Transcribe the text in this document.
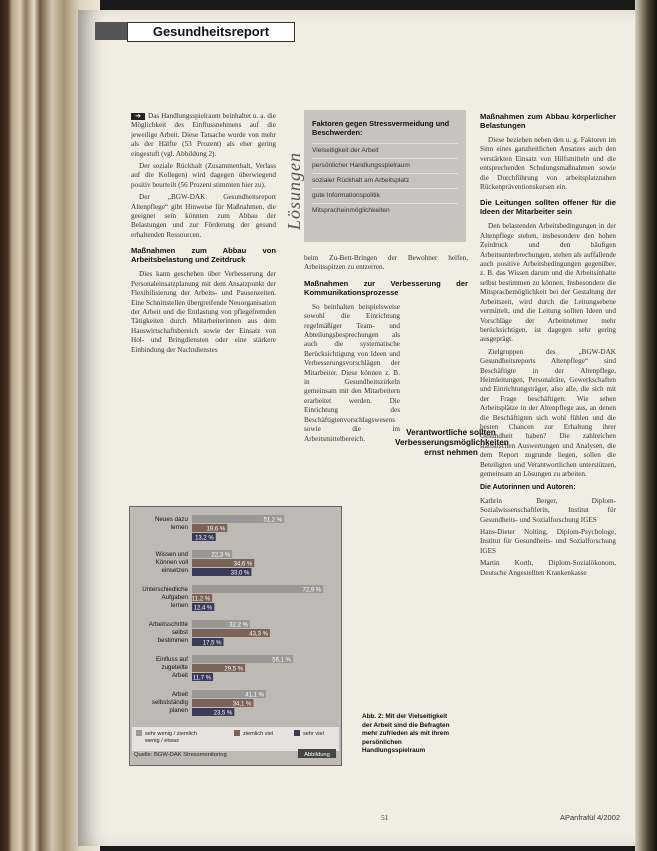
Gesundheitsreport

➜ Das Handlungsspielraum beinhaltet u. a. die Möglichkeit des Einflussnehmens auf die jeweilige Arbeit. Diese Tatsache wurde von mehr als der Hälfte (53 Prozent) als eher gering eingestuft (vgl. Abbildung 2).

Der soziale Rückhalt (Zusammenhalt, Verlass auf die Kollegen) wird dagegen überwiegend positiv beurteilt (56 Prozent stimmten hier zu).

Der „BGW-DAK Gesundheitsreport Altenpflege“ gibt Hinweise für Maßnahmen, die geeignet sein könnten zum Abbau der Belastungen und zur Förderung der gesund erhaltenden Ressourcen.

Maßnahmen zum Abbau von Arbeitsbelastung und Zeitdruck

Dies kann geschehen über Verbesserung der Personaleinsatzplanung mit dem Ansatzpunkt der Flexibilisierung der Arbeits- und Pausenzeiten. Eine Schnittstellen übergreifende Neuorganisation der Arbeit und die Entlastung von pflegefremden Tätigkeiten durch Mitarbeiterinnen aus dem Hauswirtschaftsbereich sowie der Einsatz von Hol- und Bringdiensten oder eine stärkere Einbindung der Nachtdienstes

Lösungen
Faktoren gegen Stressvermeidung und Beschwerden:
Vielseitigkeit der Arbeit
persönlicher Handlungsspielraum
sozialer Rückhalt am Arbeitsplatz
gute Informationspolitik
Mitspracheinmöglichkeiten

beim Zu-Bett-Bringen der Bewohner helfen, Arbeitsspitzen zu entzerren.

Maßnahmen zur Verbesserung der Kommunikationsprozesse

So beinhalten beispielsweise sowohl die Einrichtung regelmäßiger Team- und Abteilungsbesprechungen als auch die systematische Berücksichtigung von Ideen und Verbesserungsvorschlägen der Mitarbeiter. Diese können z. B. in Gesundheitszirkeln gemeinsam mit den Mitarbeitern erarbeitet werden. Die Einrichtung des Beschäftigtenvorschlagswesens sowie die im Arbeitsmittelbereich.

Verantwortliche sollten Verbesserungsmöglichkeiten ernst nehmen
Maßnahmen zum Abbau körperlicher Belastungen

Diese beziehen neben den u. g. Faktoren im Sinn eines ganzheitlichen Ansatzes auch den verstärkten Einsatz von Hilfsmitteln und die entsprechenden Schulungsmaßnahmen sowie die Durchführung von arbeitsplatznahen Rückenpräventionskursen ein.

Die Leitungen sollten offener für die Ideen der Mitarbeiter sein

Den belastenden Arbeitsbedingungen in der Altenpflege stehen, insbesondere den hohen Zeitdruck und den häufigen Arbeitsunterbrechungen, stehen als auffallende auch positive Arbeitsbedingungen gegenüber, z. B. das Wissen darum und die Arbeitsinhalte selbst bestimmen zu können. Insbesondere die Mitsprachemöglichkeit bei der Gestaltung der Arbeitszeit, wird durch die Leitungsebene vermittelt, und die Leitung sollten Ideen und Vorschläge der Arbeitnehmer mehr berücksichtigen, ist dagegen sehr gering ausgeprägt.

Zielgruppen des „BGW-DAK Gesundheitsreports Altenpflege“ sind Beschäftigte in der Altenpflege, Heimleitungen, Personalräte, Gewerkschaften und Einrichtungsträger, also alle, die sich mit der Frage beschäftigen: Wie sehen Arbeitsplätze in der Altenpflege aus, an denen die Beschäftigten sich wohl fühlen und die besten Chancen zur Erhaltung ihrer Gesundheit haben? Die zahlreichen statistischen Auswertungen und Analysen, die dem Report zugrunde liegen, sollen die Beteiligten und Verantwortlichen unterstützen, gemeinsam an Lösungen zu arbeiten.

Die Autorinnen und Autoren:

Kathrin Berger, Diplom-Sozialwissenschaftlerin, Institut für Gesundheits- und Sozialforschung IGES

Hans-Dieter Nolting, Diplom-Psychologe, Institut für Gesundheits- und Sozialforschung IGES

Martin Korth, Diplom-Sozialökonom, Deutsche Angestellten Krankenkasse

Neues dazu
lernen
51,2 %
19,6 %
13,2 %
Wissen und
Können voll
einsetzen
22,3 %
34,6 %
33,0 %
Unterschiedliche
Aufgaben
lernen
72,9 %
11,2 %
12,4 %
Arbeitsschritte
selbst
bestimmen
32,2 %
43,3 %
17,5 %
Einfluss auf
zugeteilte
Arbeit
56,1 %
29,5 %
11,7 %
Arbeit
selbstständig
planen
41,1 %
34,1 %
23,5 %
sehr wenig / ziemlich
wenig / etwas
ziemlich viel	sehr viel
Quelle: BGW-DAK Stressmonitoring	Abbildung
Abb. 2: Mit der Vielseitigkeit der Arbeit sind die Befragten mehr zufrieden als mit ihrem persönlichen Handlungsspielraum
51	APanfrafül 4/2002
